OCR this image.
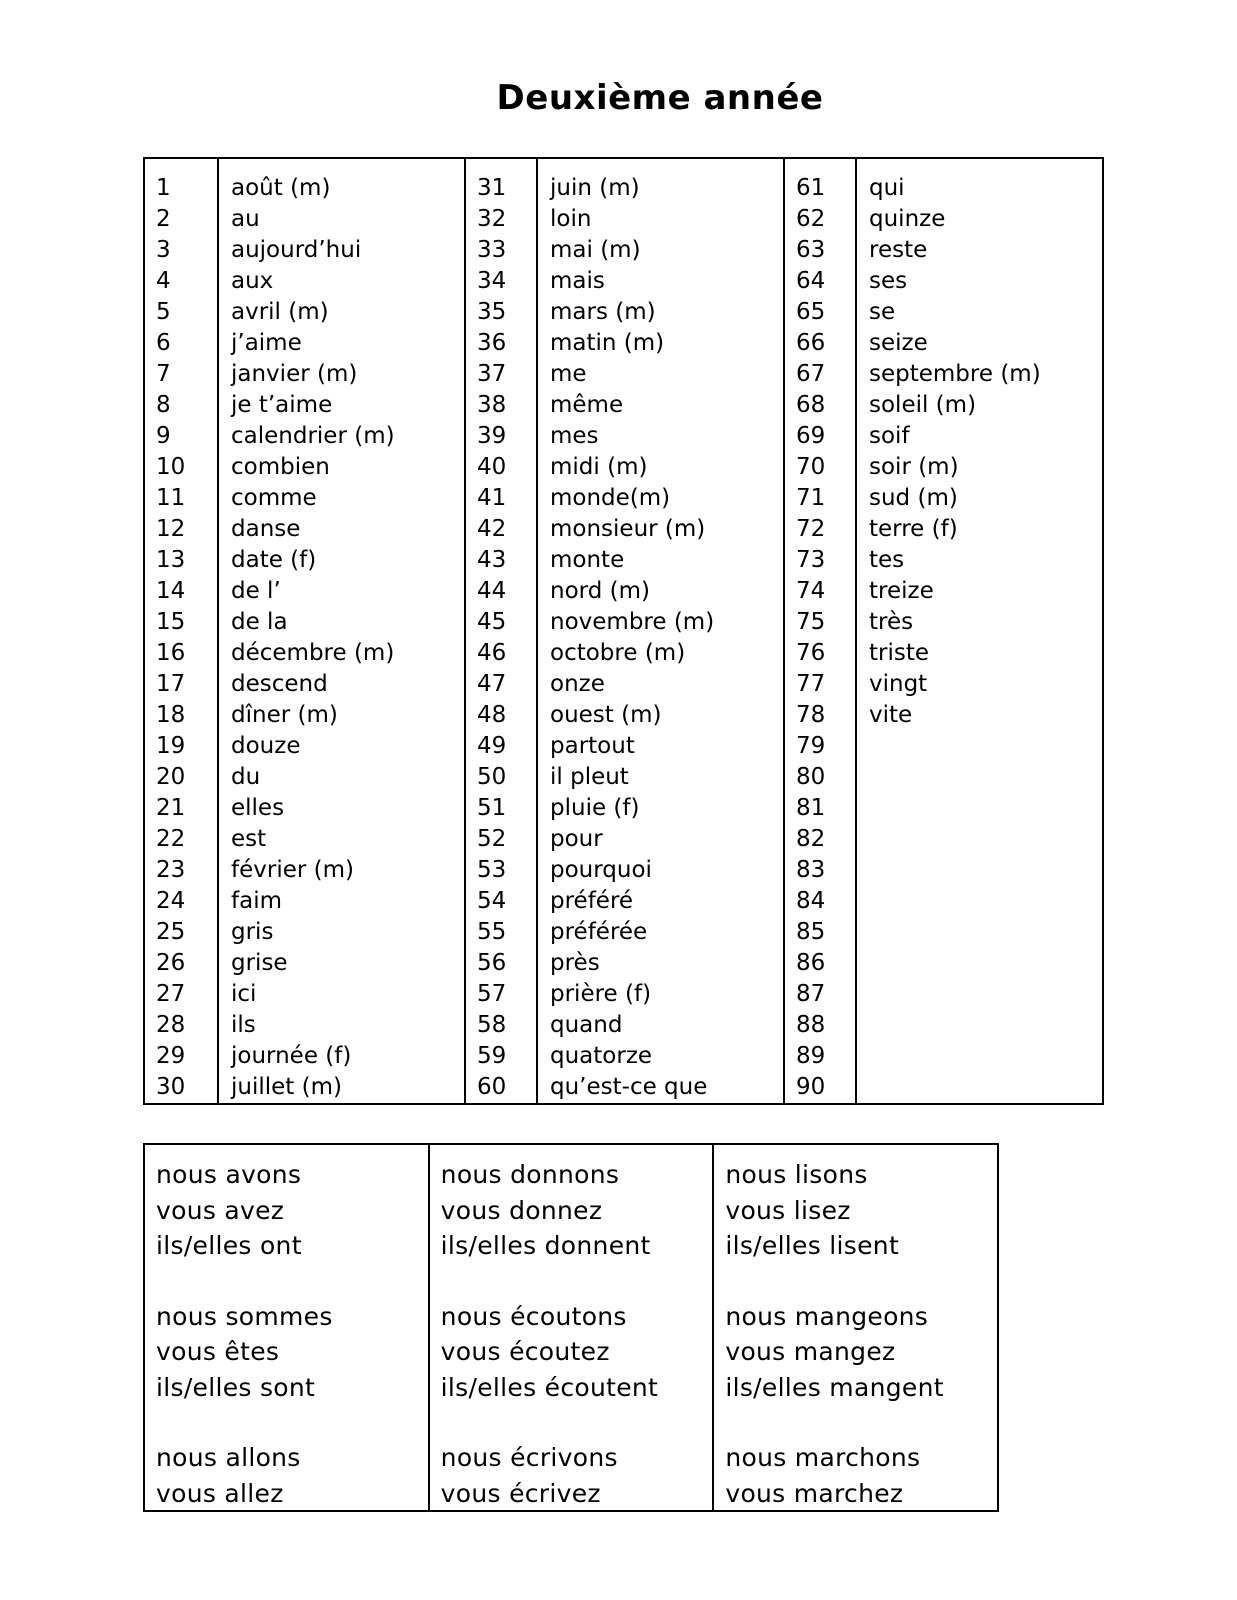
Deuxième année
1
2
3
4
5
6
7
8
9
10
11
12
13
14
15
16
17
18
19
20
21
22
23
24
25
26
27
28
29
30
août (m)
au
aujourd’hui
aux
avril (m)
j’aime
janvier (m)
je t’aime
calendrier (m)
combien
comme
danse
date (f)
de l’
de la
décembre (m)
descend
dîner (m)
douze
du
elles
est
février (m)
faim
gris
grise
ici
ils
journée (f)
juillet (m)
31
32
33
34
35
36
37
38
39
40
41
42
43
44
45
46
47
48
49
50
51
52
53
54
55
56
57
58
59
60
juin (m)
loin
mai (m)
mais
mars (m)
matin (m)
me
même
mes
midi (m)
monde(m)
monsieur (m)
monte
nord (m)
novembre (m)
octobre (m)
onze
ouest (m)
partout
il pleut
pluie (f)
pour
pourquoi
préféré
préférée
près
prière (f)
quand
quatorze
qu’est-ce que
61
62
63
64
65
66
67
68
69
70
71
72
73
74
75
76
77
78
79
80
81
82
83
84
85
86
87
88
89
90
qui
quinze
reste
ses
se
seize
septembre (m)
soleil (m)
soif
soir (m)
sud (m)
terre (f)
tes
treize
très
triste
vingt
vite
nous avons
vous avez
ils/elles ont
nous sommes
vous êtes
ils/elles sont
nous allons
vous allez
nous donnons
vous donnez
ils/elles donnent
nous écoutons
vous écoutez
ils/elles écoutent
nous écrivons
vous écrivez
nous lisons
vous lisez
ils/elles lisent
nous mangeons
vous mangez
ils/elles mangent
nous marchons
vous marchez
